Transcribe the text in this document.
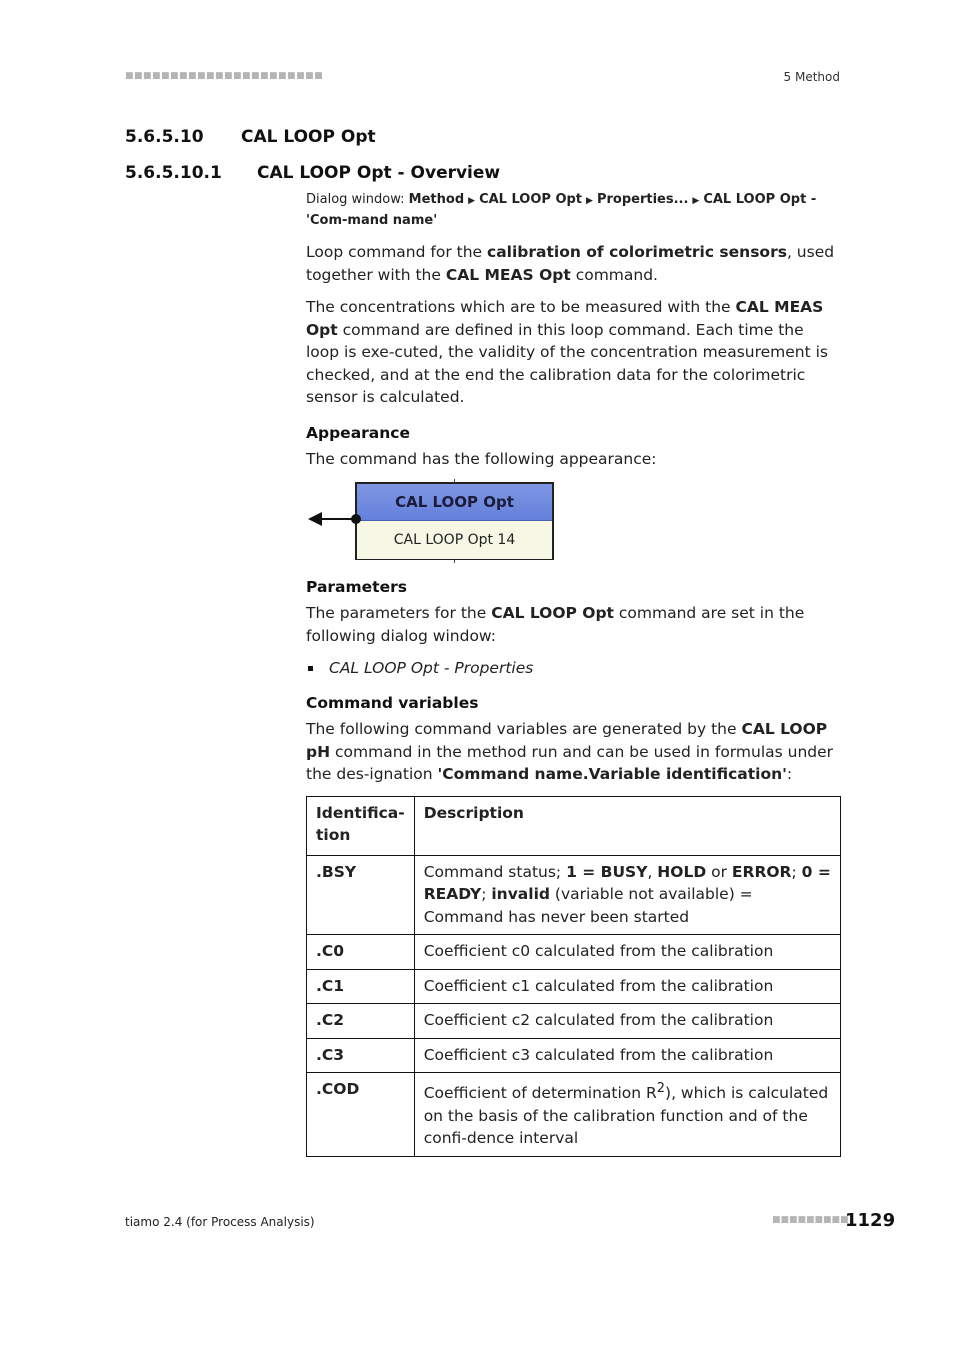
■■■■■■■■■■■■■■■■■■■■■■	5 Method
5.6.5.10 CAL LOOP Opt
5.6.5.10.1 CAL LOOP Opt - Overview
Dialog window: Method ▶ CAL LOOP Opt ▶ Properties... ▶ CAL LOOP Opt - 'Com-mand name'

Loop command for the calibration of colorimetric sensors, used together with the CAL MEAS Opt command.

The concentrations which are to be measured with the CAL MEAS Opt command are defined in this loop command. Each time the loop is exe-cuted, the validity of the concentration measurement is checked, and at the end the calibration data for the colorimetric sensor is calculated.

Appearance

The command has the following appearance:

CAL LOOP Opt
CAL LOOP Opt 14
Parameters

The parameters for the CAL LOOP Opt command are set in the following dialog window:

CAL LOOP Opt - Properties
Command variables

The following command variables are generated by the CAL LOOP pH command in the method run and can be used in formulas under the des-ignation 'Command name.Variable identification':

Identifica-tion	Description
.BSY	Command status; 1 = BUSY, HOLD or ERROR; 0 = READY; invalid (variable not available) = Command has never been started
.C0	Coefficient c0 calculated from the calibration
.C1	Coefficient c1 calculated from the calibration
.C2	Coefficient c2 calculated from the calibration
.C3	Coefficient c3 calculated from the calibration
.COD	Coefficient of determination $R^2$), which is calculated on the basis of the calibration function and of the confi-dence interval
tiamo 2.4 (for Process Analysis)	■■■■■■■■■
1129
